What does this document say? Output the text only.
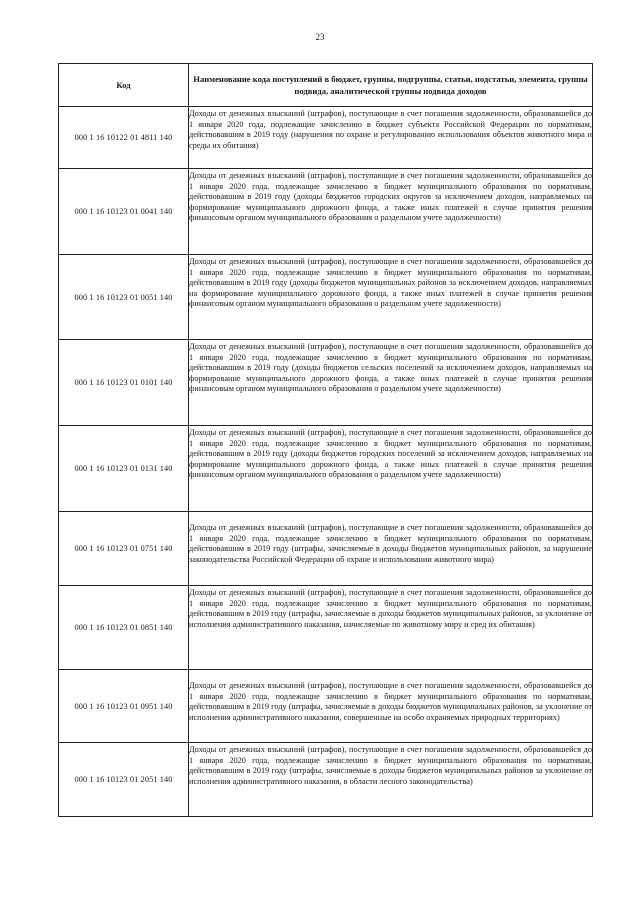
23
Код	Наименование кода поступлений в бюджет, группы, подгруппы, статьи, подстатьи, элемента, группы подвида, аналитической группы подвида доходов
000 1 16 10122 01 4811 140	Доходы от денежных взысканий (штрафов), поступающие в счет погашения задолженности, образовавшейся до 1 января 2020 года, подлежащие зачислению в бюджет субъекта Российской Федерации по нормативам, действовавшим в 2019 году (нарушения по охране и регулированию использования объектов животного мира и среды их обитания)

000 1 16 10123 01 0041 140	Доходы от денежных взысканий (штрафов), поступающие в счет погашения задолженности, образовавшейся до 1 января 2020 года, подлежащие зачислению в бюджет муниципального образования по нормативам, действовавшим в 2019 году (доходы бюджетов городских округов за исключением доходов, направляемых на формирование муниципального дорожного фонда, а также иных платежей в случае принятия решения финансовым органом муниципального образования о раздельном учете задолженности)

000 1 16 10123 01 0051 140	Доходы от денежных взысканий (штрафов), поступающие в счет погашения задолженности, образовавшейся до 1 января 2020 года, подлежащие зачислению в бюджет муниципального образования по нормативам, действовавшим в 2019 году (доходы бюджетов муниципальных районов за исключением доходов, направляемых на формирование муниципального дорожного фонда, а также иных платежей в случае принятия решения финансовым органом муниципального образования о раздельном учете задолженности)

000 1 16 10123 01 0101 140	Доходы от денежных взысканий (штрафов), поступающие в счет погашения задолженности, образовавшейся до 1 января 2020 года, подлежащие зачислению в бюджет муниципального образования по нормативам, действовавшим в 2019 году (доходы бюджетов сельских поселений за исключением доходов, направляемых на формирование муниципального дорожного фонда, а также иных платежей в случае принятия решения финансовым органом муниципального образования о раздельном учете задолженности)

000 1 16 10123 01 0131 140	Доходы от денежных взысканий (штрафов), поступающие в счет погашения задолженности, образовавшейся до 1 января 2020 года, подлежащие зачислению в бюджет муниципального образования по нормативам, действовавшим в 2019 году (доходы бюджетов городских поселений за исключением доходов, направляемых на формирование муниципального дорожного фонда, а также иных платежей в случае принятия решения финансовым органом муниципального образования о раздельном учете задолженности)

000 1 16 10123 01 0751 140	Доходы от денежных взысканий (штрафов), поступающие в счет погашения задолженности, образовавшейся до 1 января 2020 года, подлежащие зачислению в бюджет муниципального образования по нормативам, действовавшим в 2019 году (штрафы, зачисляемые в доходы бюджетов муниципальных районов, за нарушение законодательства Российской Федерации об охране и использовании животного мира)

000 1 16 10123 01 0851 140	Доходы от денежных взысканий (штрафов), поступающие в счет погашения задолженности, образовавшейся до 1 января 2020 года, подлежащие зачислению в бюджет муниципального образования по нормативам, действовавшим в 2019 году (штрафы, зачисляемые в доходы бюджетов муниципальных районов, за уклонение от исполнения административного наказания, начисляемые по животному миру и сред их обитания)

000 1 16 10123 01 0951 140	Доходы от денежных взысканий (штрафов), поступающие в счет погашения задолженности, образовавшейся до 1 января 2020 года, подлежащие зачислению в бюджет муниципального образования по нормативам, действовавшим в 2019 году (штрафы, зачисляемые в доходы бюджетов муниципальных районов, за уклонение от исполнения административного наказания, совершенные на особо охраняемых природных территориях)

000 1 16 10123 01 2051 140	Доходы от денежных взысканий (штрафов), поступающие в счет погашения задолженности, образовавшейся до 1 января 2020 года, подлежащие зачислению в бюджет муниципального образования по нормативам, действовавшим в 2019 году (штрафы, зачисляемые в доходы бюджетов муниципальных районов за уклонение от исполнения административного наказания, в области лесного законодательства)
